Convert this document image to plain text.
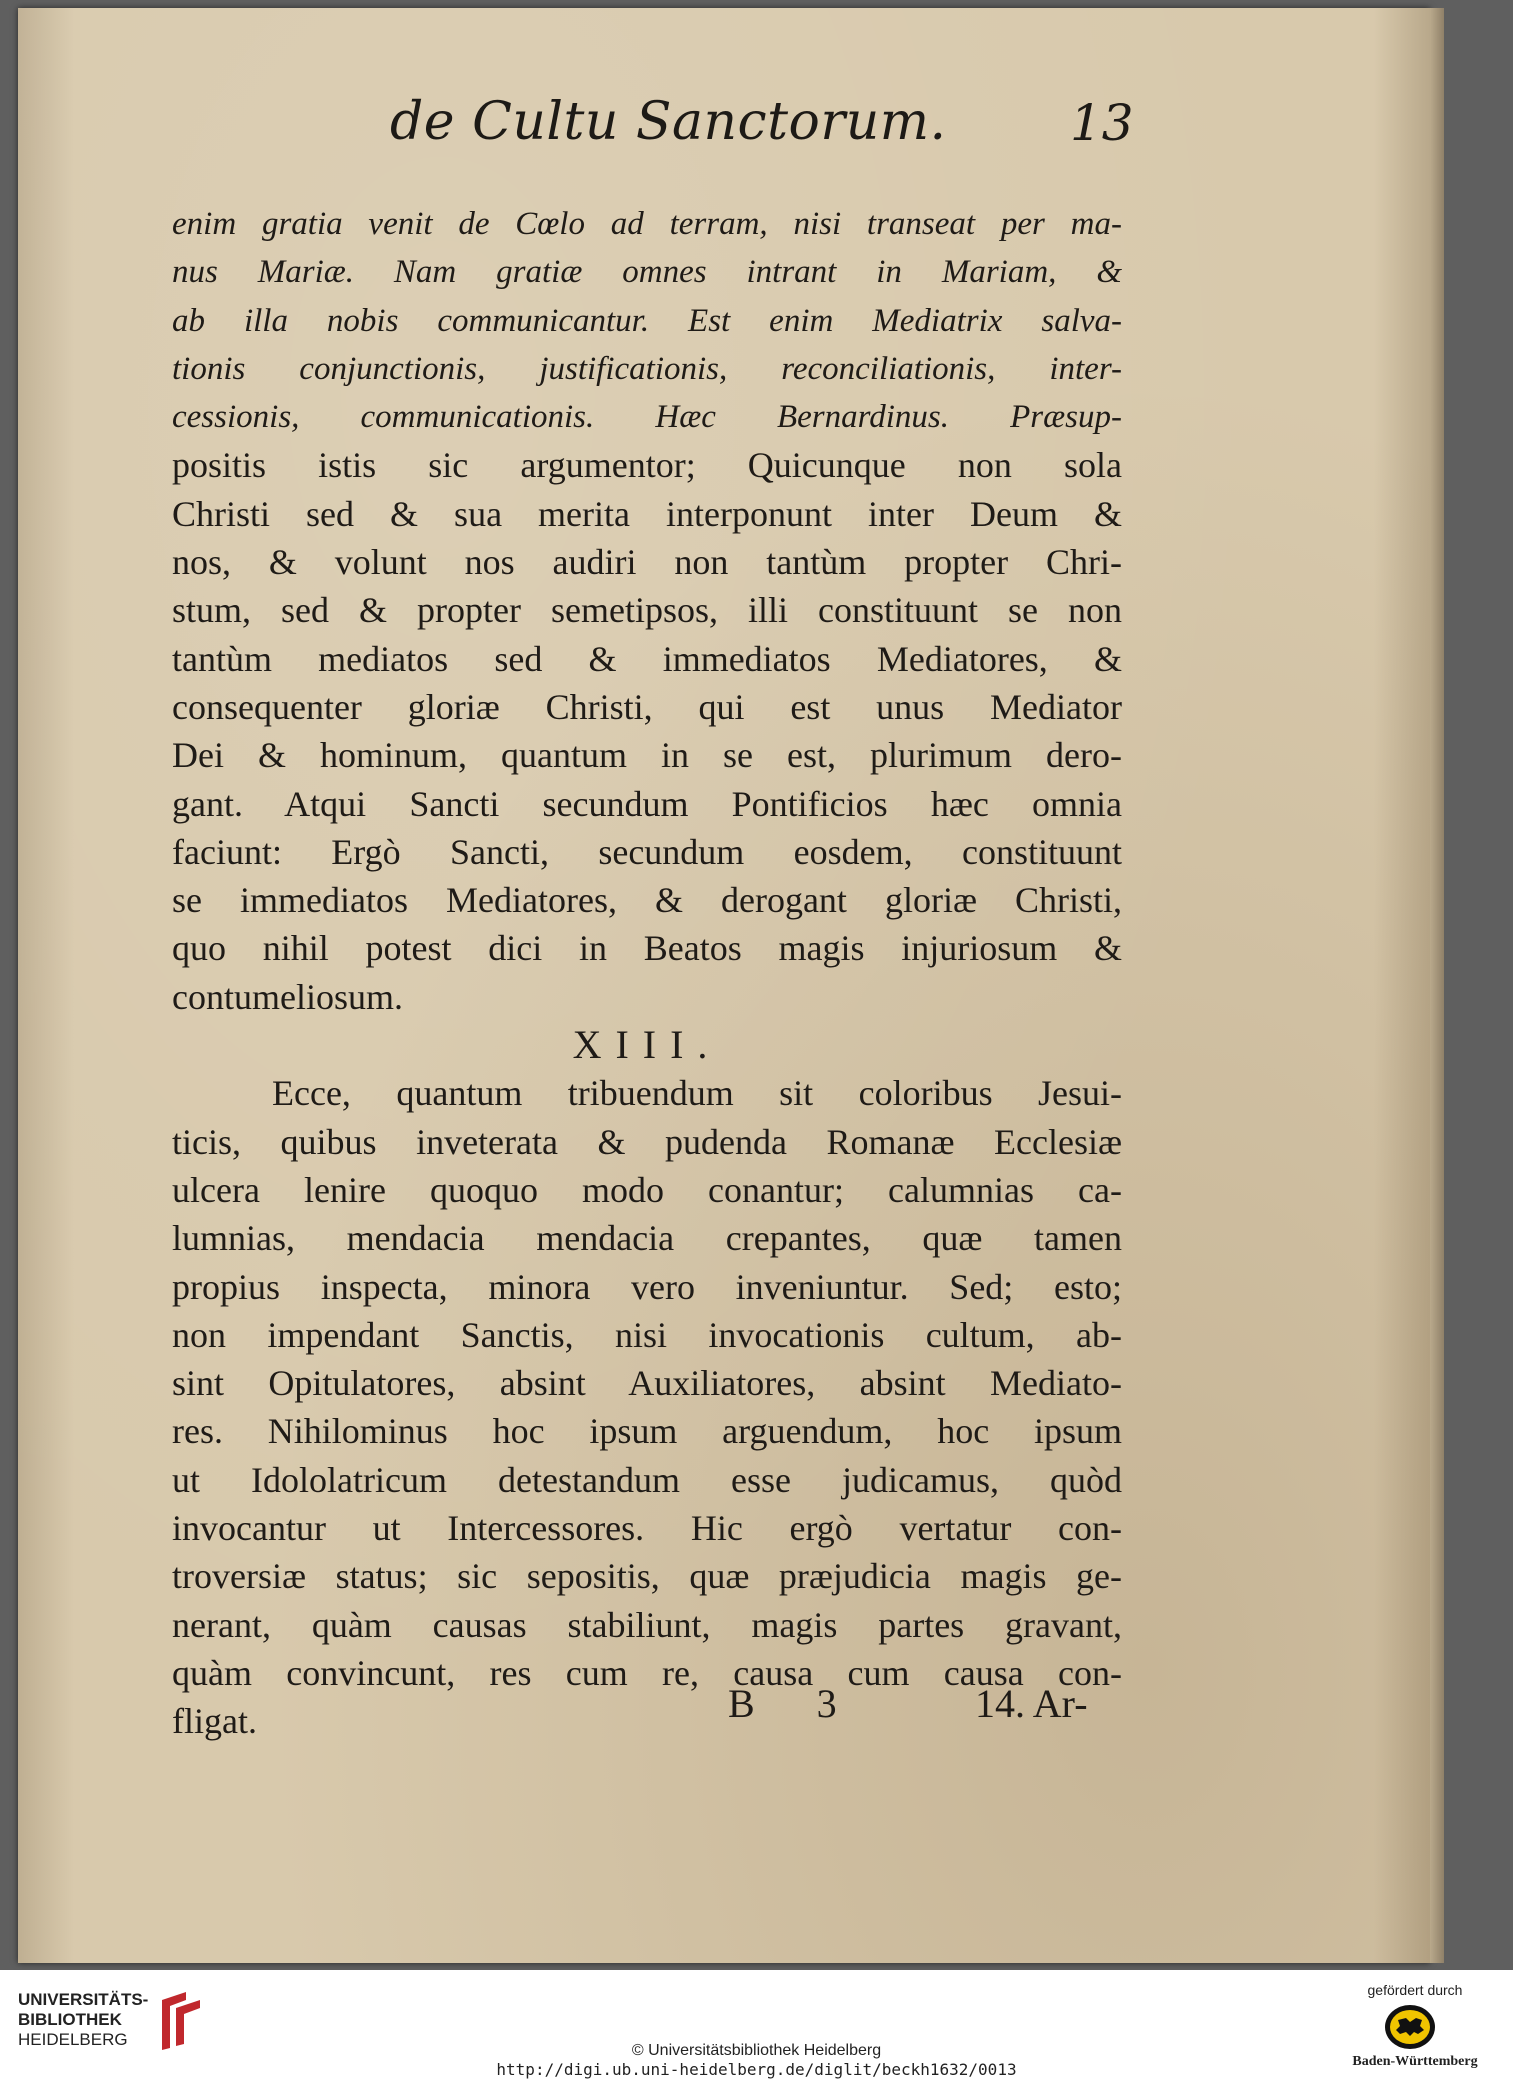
de Cultu Sanctorum. 13
enim gratia venit de Cœlo ad terram, nisi transeat per ma-
nus Mariæ. Nam gratiæ omnes intrant in Mariam, &
ab illa nobis communicantur. Est enim Mediatrix salva-
tionis conjunctionis, justificationis, reconciliationis, inter-
cessionis, communicationis. Hæc Bernardinus. Præsup-
positis istis sic argumentor; Quicunque non sola
Christi sed & sua merita interponunt inter Deum &
nos, & volunt nos audiri non tantùm propter Chri-
stum, sed & propter semetipsos, illi constituunt se non
tantùm mediatos sed & immediatos Mediatores, &
consequenter gloriæ Christi, qui est unus Mediator
Dei & hominum, quantum in se est, plurimum dero-
gant. Atqui Sancti secundum Pontificios hæc omnia
faciunt: Ergò Sancti, secundum eosdem, constituunt
se immediatos Mediatores, & derogant gloriæ Christi,
quo nihil potest dici in Beatos magis injuriosum &
contumeliosum.
XIII.
Ecce, quantum tribuendum sit coloribus Jesui-
ticis, quibus inveterata & pudenda Romanæ Ecclesiæ
ulcera lenire quoquo modo conantur; calumnias ca-
lumnias, mendacia mendacia crepantes, quæ tamen
propius inspecta, minora vero inveniuntur. Sed; esto;
non impendant Sanctis, nisi invocationis cultum, ab-
sint Opitulatores, absint Auxiliatores, absint Mediato-
res. Nihilominus hoc ipsum arguendum, hoc ipsum
ut Idololatricum detestandum esse judicamus, quòd
invocantur ut Intercessores. Hic ergò vertatur con-
troversiæ status; sic sepositis, quæ præjudicia magis ge-
nerant, quàm causas stabiliunt, magis partes gravant,
quàm convincunt, res cum re, causa cum causa con-
fligat.	B 3	14. Ar-
UNIVERSITÄTS-
BIBLIOTHEK
HEIDELBERG
© Universitätsbibliothek Heidelberg
http://digi.ub.uni-heidelberg.de/diglit/beckh1632/0013
gefördert durch
Baden-Württemberg
